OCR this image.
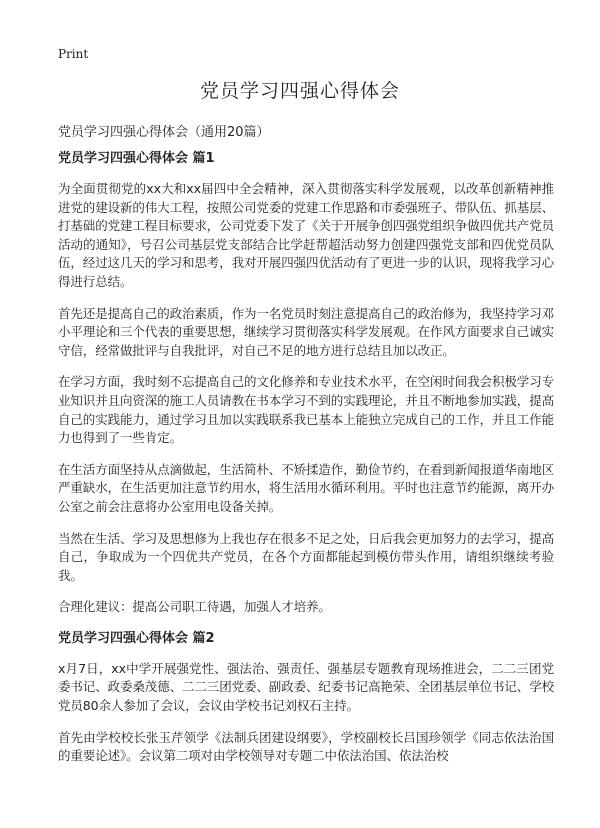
Print
党员学习四强心得体会

党员学习四强心得体会（通用20篇）

党员学习四强心得体会 篇1

为全面贯彻党的xx大和xx届四中全会精神，深入贯彻落实科学发展观，以改革创新精神推进党的建设新的伟大工程，按照公司党委的党建工作思路和市委强班子、带队伍、抓基层、打基础的党建工程目标要求，公司党委下发了《关于开展争创四强党组织争做四优共产党员活动的通知》，号召公司基层党支部结合比学赶帮超活动努力创建四强党支部和四优党员队伍，经过这几天的学习和思考，我对开展四强四优活动有了更进一步的认识，现将我学习心得进行总结。

首先还是提高自己的政治素质，作为一名党员时刻注意提高自己的政治修为，我坚持学习邓小平理论和三个代表的重要思想，继续学习贯彻落实科学发展观。在作风方面要求自己诚实守信，经常做批评与自我批评，对自己不足的地方进行总结且加以改正。

在学习方面，我时刻不忘提高自己的文化修养和专业技术水平，在空闲时间我会积极学习专业知识并且向资深的施工人员请教在书本学习不到的实践理论，并且不断地参加实践，提高自己的实践能力，通过学习且加以实践联系我已基本上能独立完成自己的工作，并且工作能力也得到了一些肯定。

在生活方面坚持从点滴做起，生活简朴、不矫揉造作，勤俭节约，在看到新闻报道华南地区严重缺水，在生活更加注意节约用水，将生活用水循环利用。平时也注意节约能源，离开办公室之前会注意将办公室用电设备关掉。

当然在生活、学习及思想修为上我也存在很多不足之处，日后我会更加努力的去学习，提高自己，争取成为一个四优共产党员，在各个方面都能起到模仿带头作用，请组织继续考验我。

合理化建议：提高公司职工待遇，加强人才培养。

党员学习四强心得体会 篇2

x月7日，xx中学开展强党性、强法治、强责任、强基层专题教育现场推进会，二二三团党委书记、政委桑茂德、二二三团党委、副政委、纪委书记高艳荣、全团基层单位书记、学校党员80余人参加了会议，会议由学校书记刘权石主持。

首先由学校校长张玉芹领学《法制兵团建设纲要》，学校副校长吕国珍领学《同志依法治国的重要论述》。会议第二项对由学校领导对专题二中依法治国、依法治校
